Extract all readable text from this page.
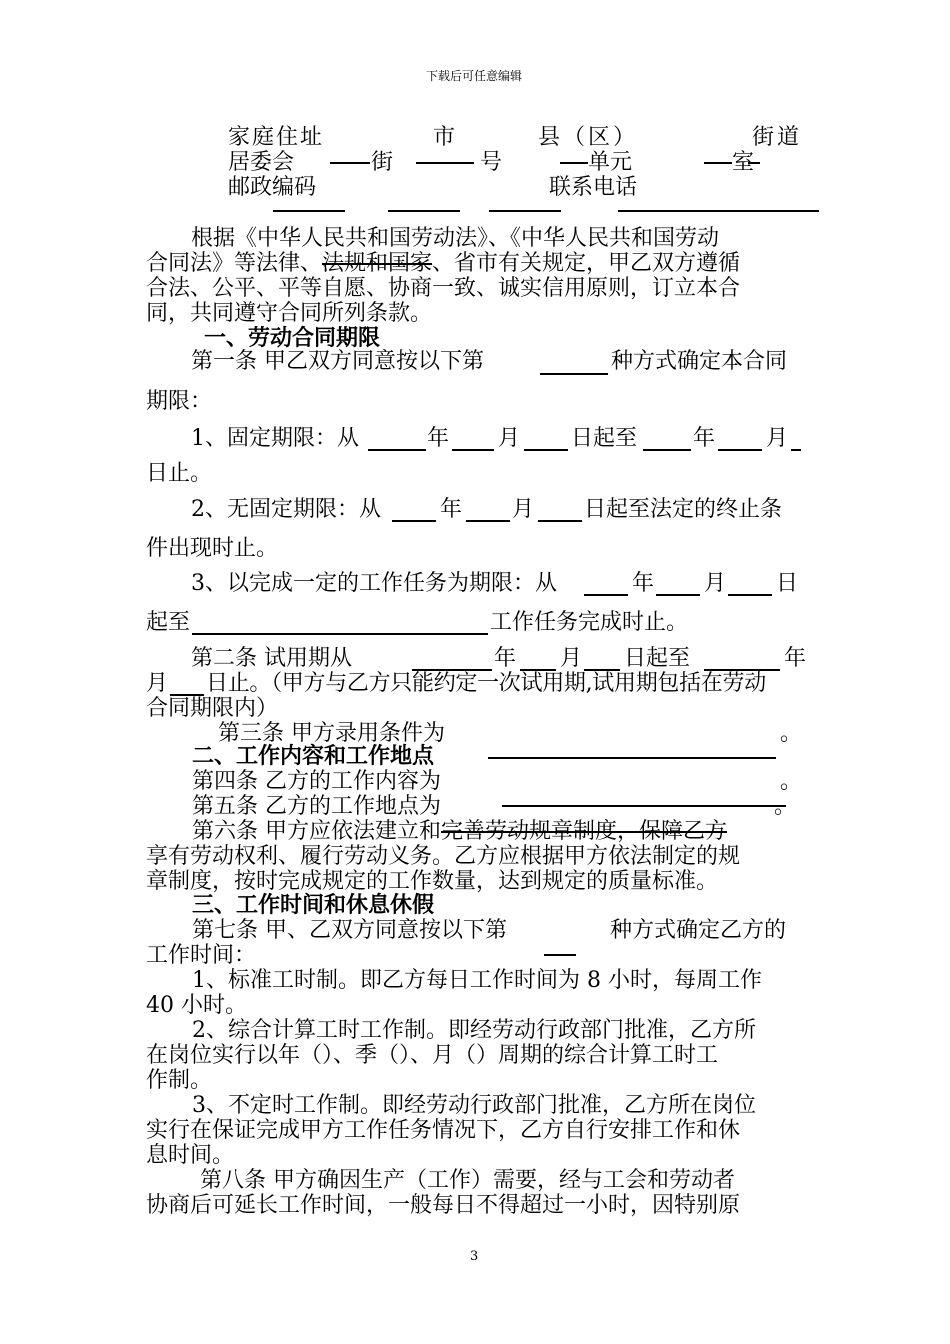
下载后可任意编辑
家庭住址	市	县（区）	街道
居委会	街	号	单元	室
邮政编码	联系电话
根据《中华人民共和国劳动法》、《中华人民共和国劳动
合同法》等法律、法规和国家、省市有关规定，甲乙双方遵循
合法、公平、平等自愿、协商一致、诚实信用原则，订立本合
同，共同遵守合同所列条款。
一、劳动合同期限
第一条 甲乙双方同意按以下第	种方式确定本合同
期限：
1、固定期限：从	年 月 日起至	年 月
日止。
2、无固定期限：从	年 月 日起至法定的终止条
件出现时止。
3、以完成一定的工作任务为期限：从	年 月 日
起至	工作任务完成时止。
第二条 试用期从	年 月 日起至	年
月 日止。（甲方与乙方只能约定一次试用期,试用期包括在劳动
合同期限内）
第三条 甲方录用条件为	。
二、工作内容和工作地点
第四条 乙方的工作内容为	。
第五条 乙方的工作地点为	。
第六条 甲方应依法建立和完善劳动规章制度，保障乙方
享有劳动权利、履行劳动义务。乙方应根据甲方依法制定的规
章制度，按时完成规定的工作数量，达到规定的质量标准。
三、工作时间和休息休假
第七条 甲、乙双方同意按以下第	种方式确定乙方的
工作时间：
1、标准工时制。即乙方每日工作时间为 8 小时，每周工作
40 小时。
2、综合计算工时工作制。即经劳动行政部门批准，乙方所
在岗位实行以年（）、季（）、月（）周期的综合计算工时工
作制。
3、不定时工作制。即经劳动行政部门批准，乙方所在岗位
实行在保证完成甲方工作任务情况下，乙方自行安排工作和休
息时间。
第八条 甲方确因生产（工作）需要，经与工会和劳动者
协商后可延长工作时间，一般每日不得超过一小时，因特别原
3
